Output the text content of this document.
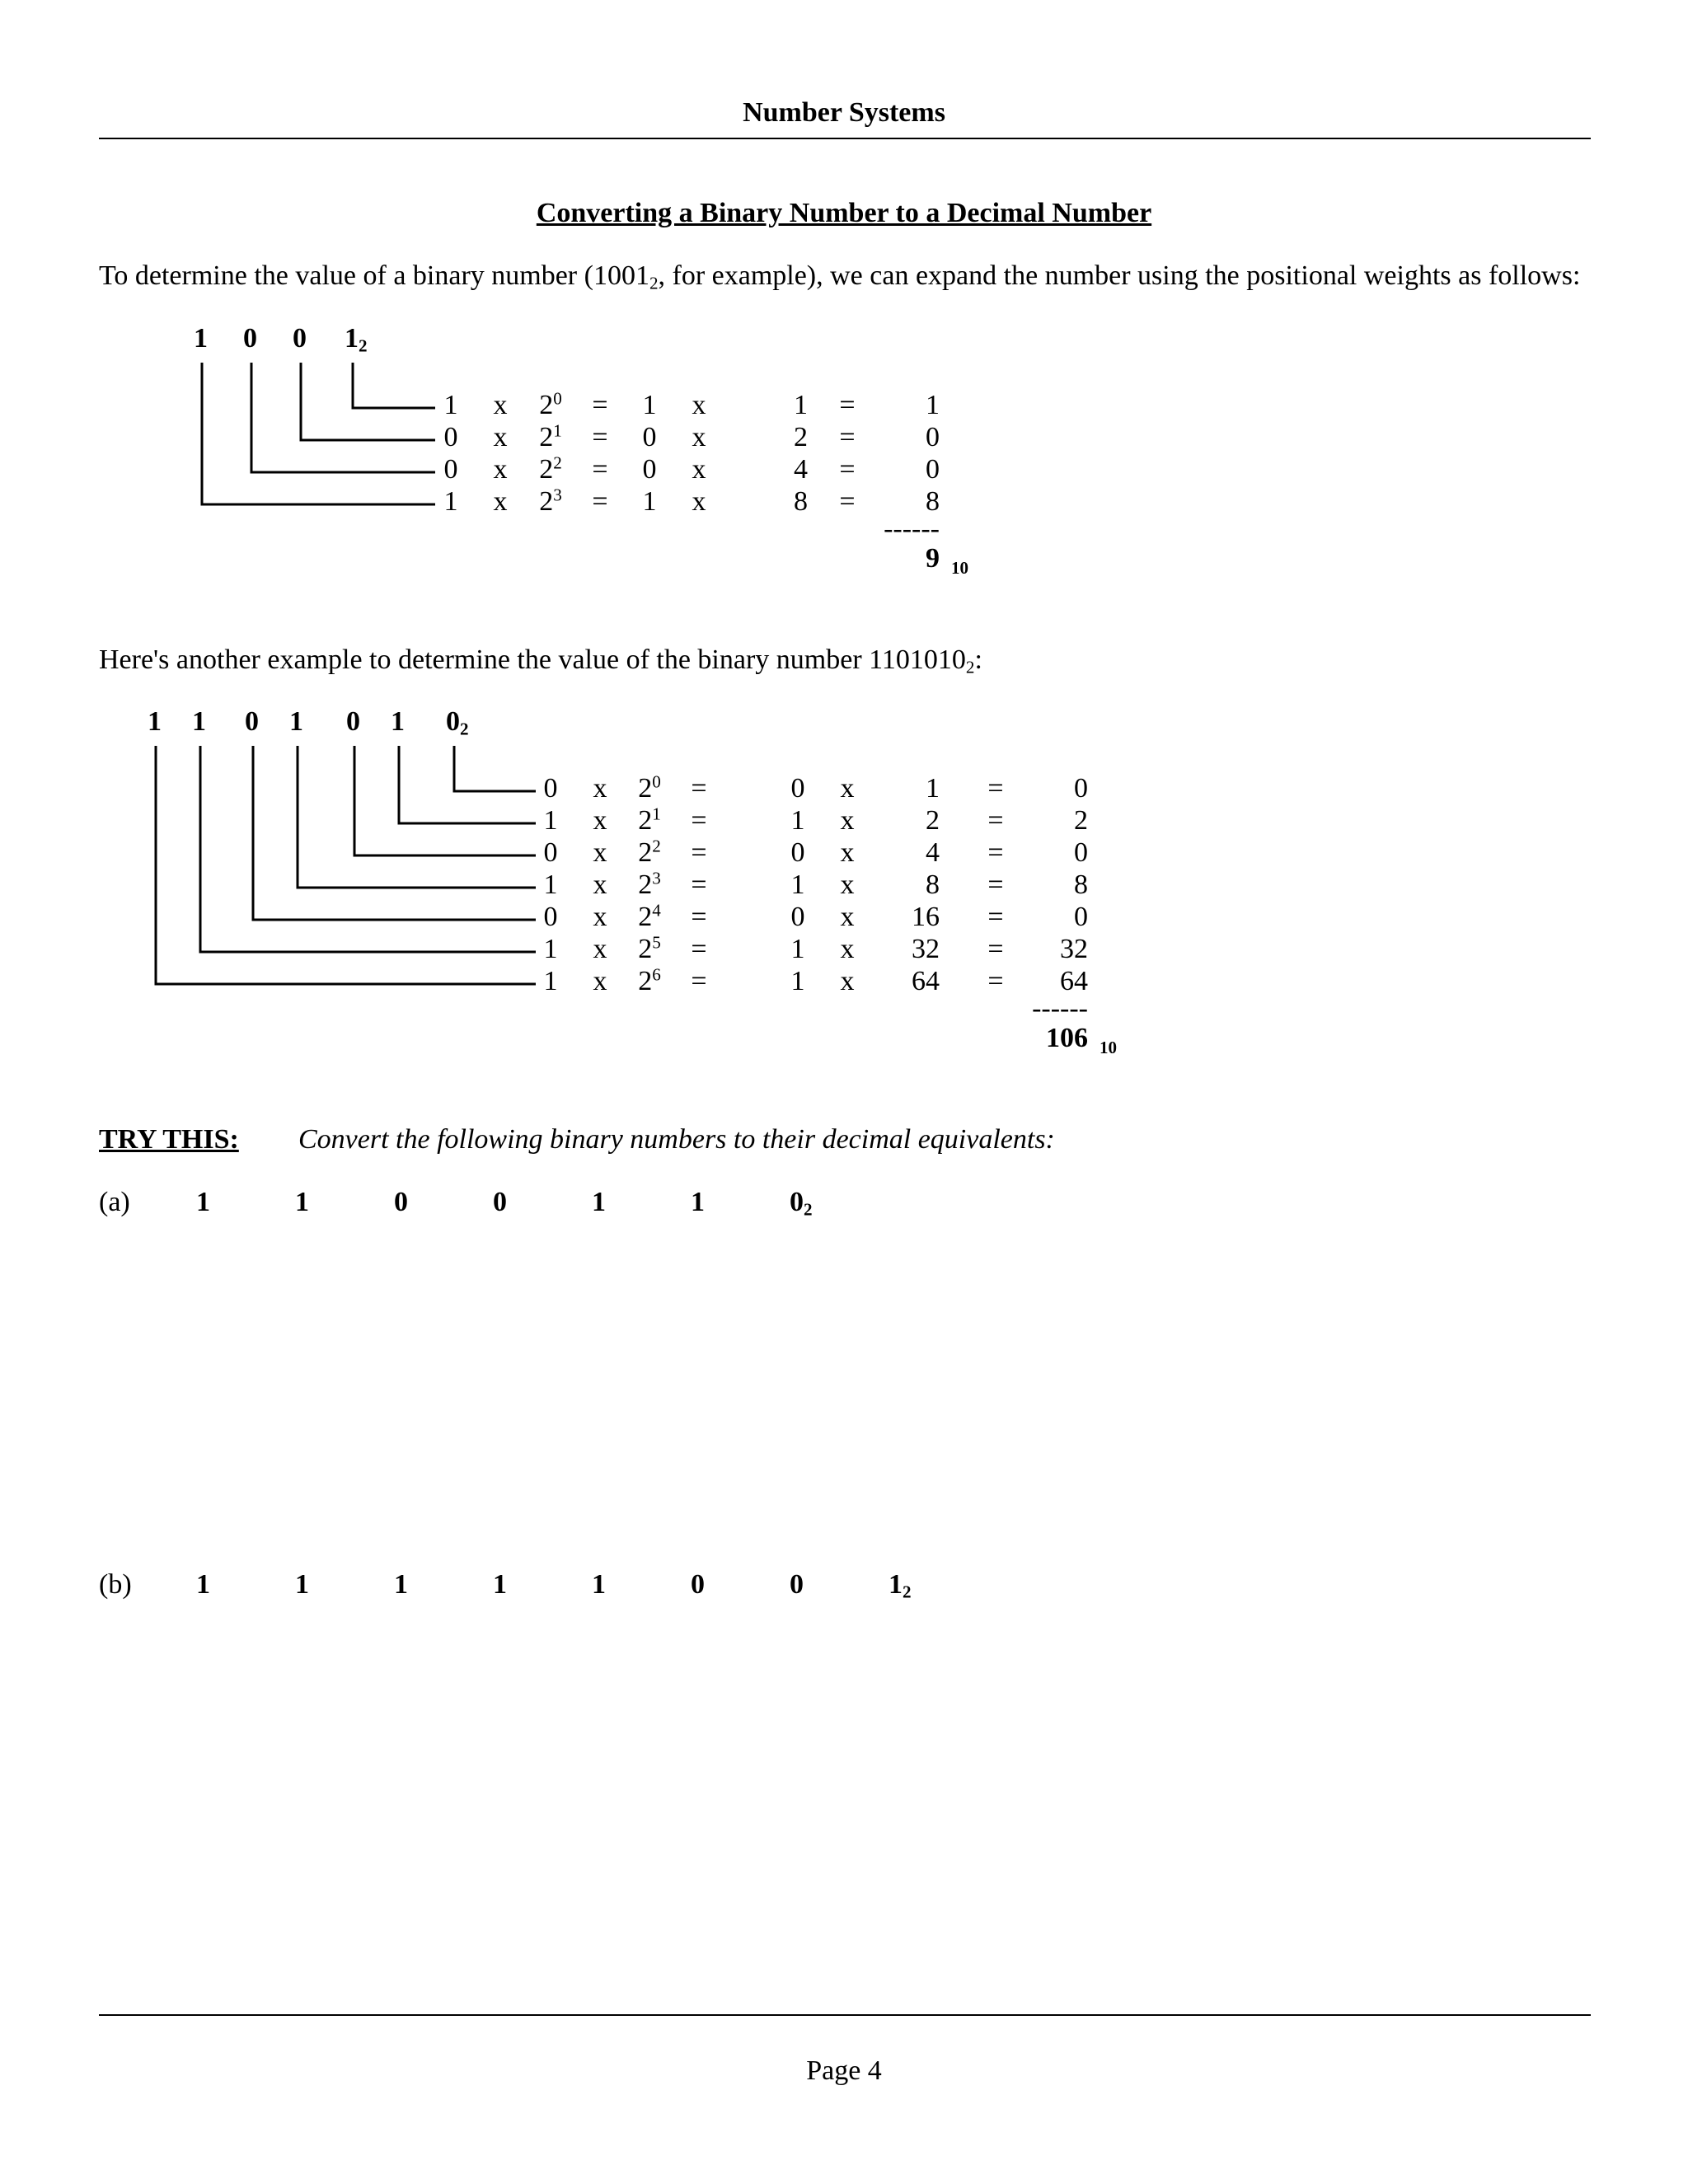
Number Systems
Converting a Binary Number to a Decimal Number
To determine the value of a binary number ($1001_2$, for example), we can expand the number using the positional weights as follows:
1 0 0 $1_2$
1	x	$2^0$	=	1	x	1	=	1
0	x	$2^1$	=	0	x	2	=	0
0	x	$2^2$	=	0	x	4	=	0
1	x	$2^3$	=	1	x	8	=	8
------
9 10
Here's another example to determine the value of the binary number $1101010_2$:
1 1 0 1 0 1 $0_2$
0	x	$2^0$	=	0	x	1	=	0
1	x	$2^1$	=	1	x	2	=	2
0	x	$2^2$	=	0	x	4	=	0
1	x	$2^3$	=	1	x	8	=	8
0	x	$2^4$	=	0	x	16	=	0
1	x	$2^5$	=	1	x	32	=	32
1	x	$2^6$	=	1	x	64	=	64
------
106 10
TRY THIS: Convert the following binary numbers to their decimal equivalents:
(a) 1	1	0	0	1	1	$0_2$
(b) 1	1	1	1	1	0	0	$1_2$
Page 4
